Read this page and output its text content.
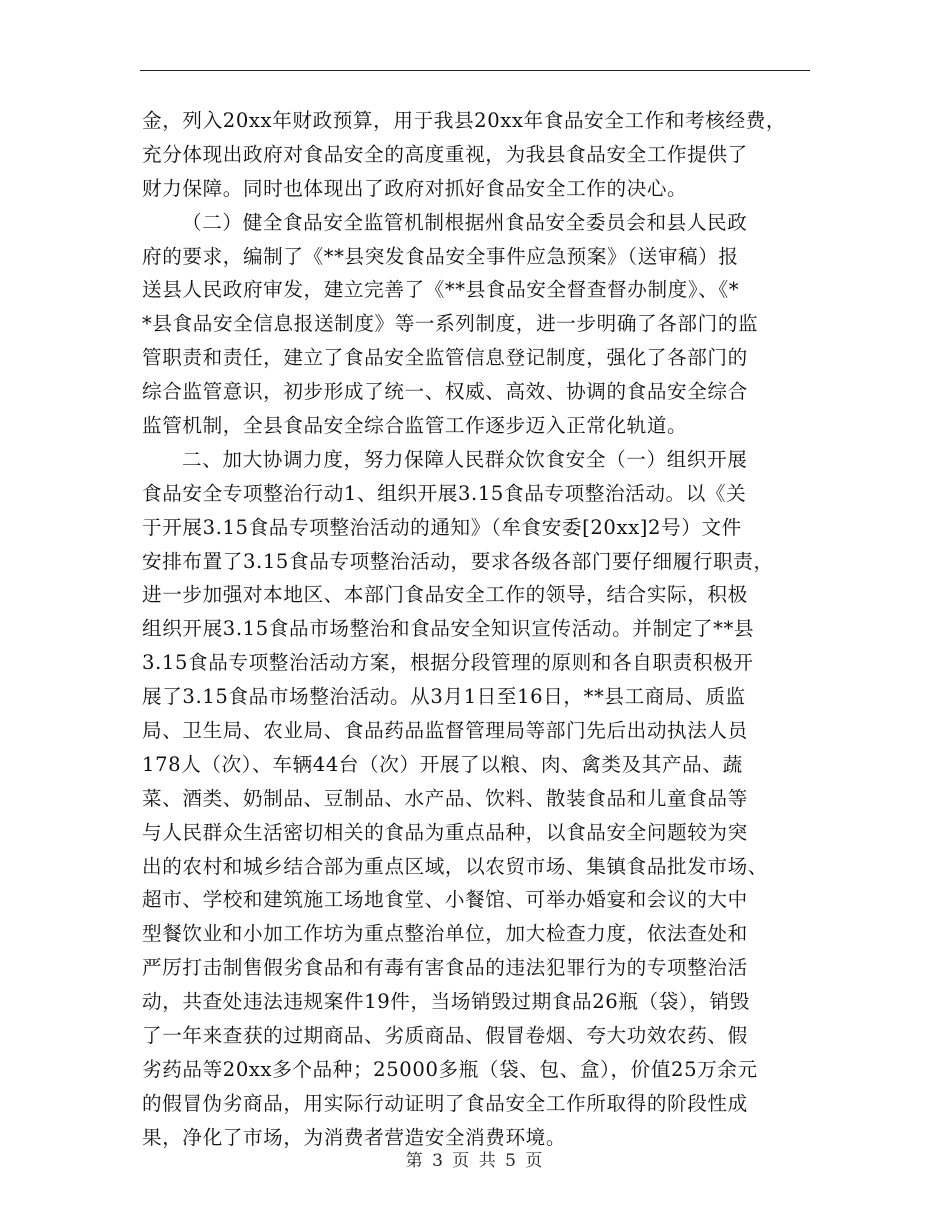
金，列入20xx年财政预算，用于我县20xx年食品安全工作和考核经费，
充分体现出政府对食品安全的高度重视，为我县食品安全工作提供了
财力保障。同时也体现出了政府对抓好食品安全工作的决心。
（二）健全食品安全监管机制根据州食品安全委员会和县人民政
府的要求，编制了《**县突发食品安全事件应急预案》（送审稿）报
送县人民政府审发，建立完善了《**县食品安全督查督办制度》、《*
*县食品安全信息报送制度》等一系列制度，进一步明确了各部门的监
管职责和责任，建立了食品安全监管信息登记制度，强化了各部门的
综合监管意识，初步形成了统一、权威、高效、协调的食品安全综合
监管机制，全县食品安全综合监管工作逐步迈入正常化轨道。
二、加大协调力度，努力保障人民群众饮食安全（一）组织开展
食品安全专项整治行动1、组织开展3.15食品专项整治活动。以《关
于开展3.15食品专项整治活动的通知》（牟食安委[20xx]2号）文件
安排布置了3.15食品专项整治活动，要求各级各部门要仔细履行职责，
进一步加强对本地区、本部门食品安全工作的领导，结合实际，积极
组织开展3.15食品市场整治和食品安全知识宣传活动。并制定了**县
3.15食品专项整治活动方案，根据分段管理的原则和各自职责积极开
展了3.15食品市场整治活动。从3月1日至16日，**县工商局、质监
局、卫生局、农业局、食品药品监督管理局等部门先后出动执法人员
178人（次）、车辆44台（次）开展了以粮、肉、禽类及其产品、蔬
菜、酒类、奶制品、豆制品、水产品、饮料、散装食品和儿童食品等
与人民群众生活密切相关的食品为重点品种，以食品安全问题较为突
出的农村和城乡结合部为重点区域，以农贸市场、集镇食品批发市场、
超市、学校和建筑施工场地食堂、小餐馆、可举办婚宴和会议的大中
型餐饮业和小加工作坊为重点整治单位，加大检查力度，依法查处和
严厉打击制售假劣食品和有毒有害食品的违法犯罪行为的专项整治活
动，共查处违法违规案件19件，当场销毁过期食品26瓶（袋），销毁
了一年来查获的过期商品、劣质商品、假冒卷烟、夸大功效农药、假
劣药品等20xx多个品种；25000多瓶（袋、包、盒），价值25万余元
的假冒伪劣商品，用实际行动证明了食品安全工作所取得的阶段性成
果，净化了市场，为消费者营造安全消费环境。
第 3 页 共 5 页
